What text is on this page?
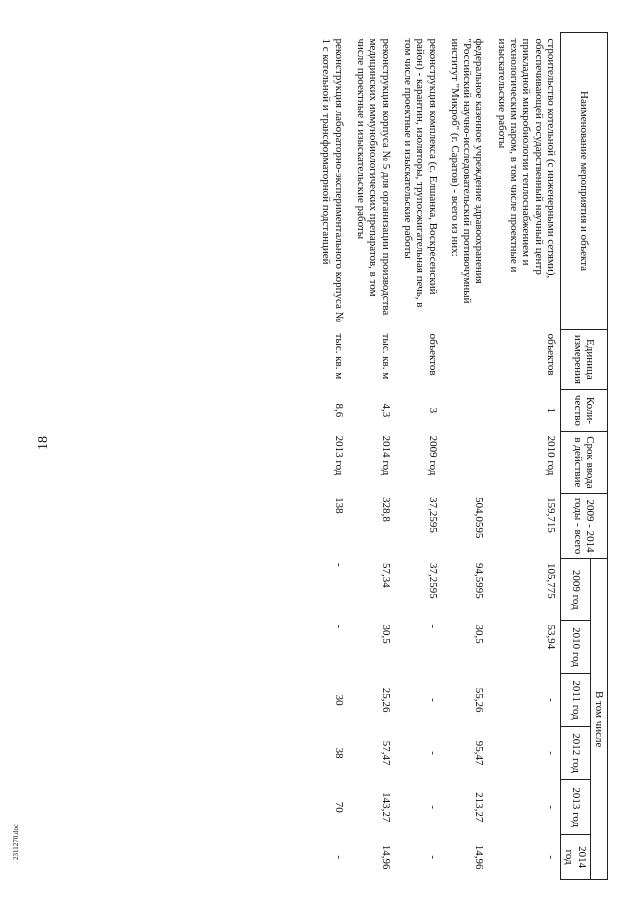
18
2311270.doc
Наименование мероприятия и объекта	Единица измерения	Коли- чество	Срок ввода в действие	2009 - 2014 годы - всего	В том числе					
					2009 год	2010 год	2011 год	2012 год	2013 год	2014 год
строительство котельной (с инженерными сетями), обеспечивающей государственный научный центр прикладной микробиологии теплоснабжением и технологическим паром, в том числе проектные и изыскательские работы	объектов	1	2010 год	159,715	105,775	53,94	-	-	-	-
федеральное казенное учреждение здравоохранения "Российский научно-исследовательский противочумный институт "Микроб" (г. Саратов) - всего из них:				504,0595	94,5995	30,5	55,26	95,47	213,27	14,96
реконструкция комплекса (с. Елшанка, Воскресенский район) - карантин, изоляторы, трупосжигательная печь, в том числе проектные и изыскательские работы	объектов	3	2009 год	37,2595	37,2595	-	-	-	-	-
реконструкция корпуса № 5 для организации производства медицинских иммунобиологических препаратов, в том числе проектные и изыскательские работы	тыс. кв. м	4,3	2014 год	328,8	57,34	30,5	25,26	57,47	143,27	14,96
реконструкция лабораторно-экспериментального корпуса № 1 с котельной и трансформаторной подстанцией	тыс. кв. м	8,6	2013 год	138	-	-	30	38	70	-
